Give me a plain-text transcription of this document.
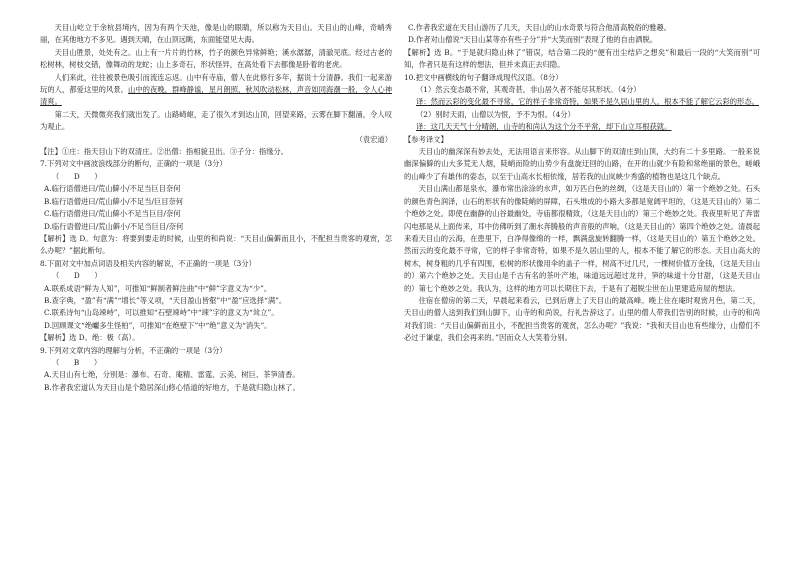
天目山屹立于余杭县境内，因为有两个天池，像是山的眼睛，所以称为天目山。天目山的山峰，奇峭秀丽，在其他地方不多见。遇到天晴，在山顶远眺，东面能望见大海。

天目山胜景，处处有之。山上有一片片的竹林，竹子的颜色异常鲜艳；溪水潺潺，清澈见底。经过古老的松树林，树枝交错，像舞动的龙蛇；山上多奇石，形状怪异，在高处看下去都像是卧着的老虎。

人们来此，往往被景色吸引而流连忘返。山中有寺庙，僧人在此修行多年，据说十分清静。我们一起来游玩的人，都爱这里的风景。山中的夜晚，群峰静谧，星月朗照，秋风吹动松林，声音如同海潮一般，令人心神清爽。

第二天，天微微亮我们就出发了。山路崎岖，走了很久才到达山顶，回望来路，云雾在脚下翻涌，令人叹为观止。

（袁宏道）

【注】①庄：指天目山下的双清庄。②出僧：指相貌丑出。③子分：指缘分。

7.下列对文中画波浪线部分的断句，正确的一项是（3分）

（　　D　　）

A.临行语僧进曰/荒山僻小/不足当巨目奈何

B.临行语僧进曰/荒山僻小/不足当/巨目奈何

C.临行语僧进曰/荒山僻小不足当巨目/奈何

D.临行语僧进曰/荒山僻小/不足当巨目/奈何

【解析】选 D。句意为：将要到要走的时候，山里的和尚说：“天目山偏僻而且小，不配担当贵客的观赏，怎么办呢？”据此断句。

8.下面对文中加点词语及相关内容的解说，不正确的一项是（3分）

（　　D　　）

A.联系成语“鲜为人知”，可推知“鲜制者鲜注曲”中“鲜”字意义为“少”。

B.查字典，“盈”有“满”“增长”等义项，“天目盈山皆壑”中“盈”应选择“满”。

C.联系诗句“山岛竦峙”，可以推知“石壁竦峙”中“竦”字的意义为“耸立”。

D.回顾课文“绝巘多生怪柏”，可推知“在绝壁下”中“绝”意义为“消失”。

【解析】选 D。绝：极（高）。

9.下列对文章内容的理解与分析，不正确的一项是（3分）

（　　B　　）

A.天目山有七绝，分别是：瀑布、石奇、庵精、雷霆、云美、树巨、茶笋清香。

B.作者我宏道认为天目山是个隐居深山修心悟道的好地方，于是就归隐山林了。

C.作者我宏道在天目山游历了几天，天目山的山水奇景与符合他清高脱俗的雅趣。

D.作者对山僧说“天目山某等亦有些子分”并“大笑而别”表现了他的自由洒脱。

【解析】选 B。“于是就归隐山林了”错误，结合第二段的“便有出尘结庐之想矣”和最后一段的“大笑而别”可知，作者只是有这样的想法，但并未真正去归隐。

10.把文中画横线的句子翻译成现代汉语。（8分）

（1）然云变态最不常，其观奇甚，非山居久者不能尽其形状。（4分）

译：然而云彩的变化最不寻常，它的样子非常奇特，如果不是久居山里的人，根本不能了解它云彩的形态。

（2）别时天雨，山僧以为恨，予不为恨。（4分）

译：这几天天气十分晴朗，山寺的和尚认为这个分不平常，却下山立耳根获就。

【参考译文】

天目山的幽深深有妙去处，无法用语言来形容。从山脚下的双清庄到山顶，大约有二十多里路。一般来说幽深偏僻的山大多荒无人烟，陡峭而险的山势少有盘旋迂回的山路，在开的山就少有险和常绝丽的景色，嵯峨的山峰少了有雄伟的姿态，以至于山高水长相依缘，居若我的山岚峡少秀盛的植物也是这几个缺点。

天目山满山都是泉水，瀑布常出涂涂的水声，如万匹白色的丝绸，（这是天目山的）第一个绝妙之处。石头的颜色青色润泽，山石的形状有的像陡峭的屏障，石头堆成的小路大多都是宽阔平坦的，（这是天目山的）第二个绝妙之处。即使在幽静的山谷最幽处，寺庙都很精致，（这是天目山的）第三个绝妙之处。我夜里听见了奔雷闪电那是从上面传来，耳中仿佛听到了潮水奔腾般的声音般的声响，（这是天目山的）第四个绝妙之处。清晨起来看天目山的云海，在患里下，白净得像绵的一样，飘满盘旋转翻腾一样，（这是天目山的）第五个绝妙之处。然而云的变化最不寻常，它的样子非常奇特，如果不是久居山里的人，根本不能了解它的形态。天目山高大的树木，树身粗的几乎有四围，松树的形状像用伞的盖子一样，树高不过几尺，一棵树价值万金钱，（这是天目山的）第六个绝妙之处。天目山是千古有名的茶叶产地，味道远远超过龙井，笋的味道十分甘甜，（这是天目山的）第七个绝妙之处。我认为，这样的地方可以长期住下去，于是有了超脱尘世在山里建造房屋的想法。

住宿在僧房的第二天，早晨起来看云，已到后唐上了天目山的最高峰。晚上住在庵时观赏月色，第二天，天目山的僧人送到我们到山脚下，山寺的和尚说，行礼告辞这了。山里的僧人带我们告别的时候，山寺的和尚对我们说：“天目山偏僻而且小，不配担当贵客的观赏，怎么办呢？”我说：“我和天目山也有些缘分，山僧们不必过于谦虚，我们会再来的。”因而众人大笑着分别。
